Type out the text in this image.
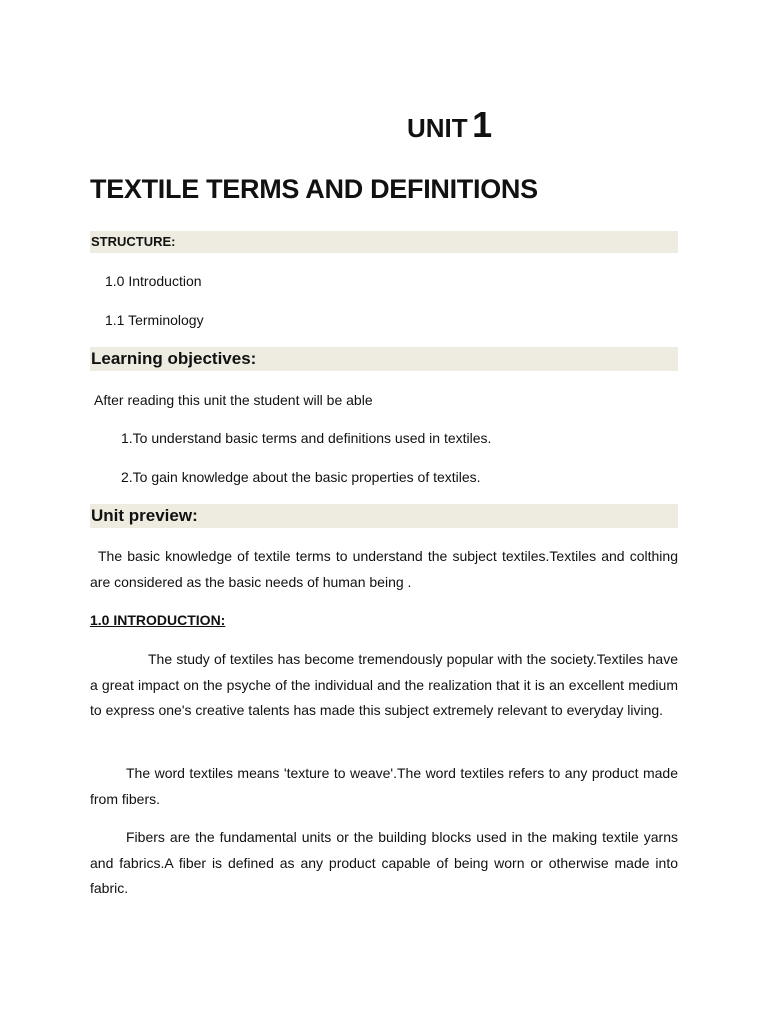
UNIT 1
STRUCTURE:
1.0 Introduction
1.1 Terminology
Learning objectives:
After reading this unit the student will be able
1.To understand basic terms and definitions used in textiles.
2.To gain knowledge about the basic properties of textiles.
Unit preview:

The basic knowledge of textile terms to understand the subject textiles.Textiles and colthing are considered as the basic needs of human being .

1.0 INTRODUCTION:

The study of textiles has become tremendously popular with the society.Textiles have a great impact on the psyche of the individual and the realization that it is an excellent medium to express one's creative talents has made this subject extremely relevant to everyday living.

The word textiles means 'texture to weave'.The word textiles refers to any product made from fibers.

Fibers are the fundamental units or the building blocks used in the making textile yarns and fabrics.A fiber is defined as any product capable of being worn or otherwise made into fabric.

TEXTILE TERMS AND DEFINITIONS
